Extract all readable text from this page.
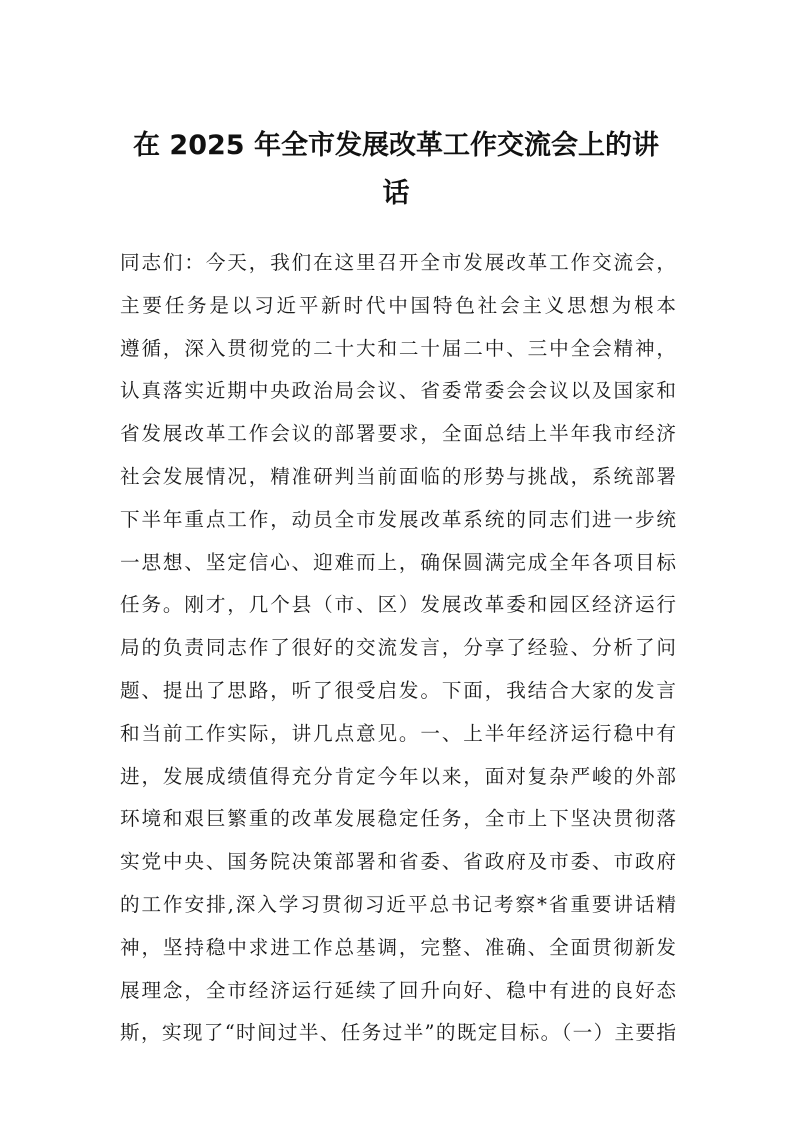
在 2025 年全市发展改革工作交流会上的讲
话
同志们：今天，我们在这里召开全市发展改革工作交流会，
主要任务是以习近平新时代中国特色社会主义思想为根本
遵循，深入贯彻党的二十大和二十届二中、三中全会精神，
认真落实近期中央政治局会议、省委常委会会议以及国家和
省发展改革工作会议的部署要求，全面总结上半年我市经济
社会发展情况，精准研判当前面临的形势与挑战，系统部署
下半年重点工作，动员全市发展改革系统的同志们进一步统
一思想、坚定信心、迎难而上，确保圆满完成全年各项目标
任务。刚才，几个县（市、区）发展改革委和园区经济运行
局的负责同志作了很好的交流发言，分享了经验、分析了问
题、提出了思路，听了很受启发。下面，我结合大家的发言
和当前工作实际，讲几点意见。一、上半年经济运行稳中有
进，发展成绩值得充分肯定今年以来，面对复杂严峻的外部
环境和艰巨繁重的改革发展稳定任务，全市上下坚决贯彻落
实党中央、国务院决策部署和省委、省政府及市委、市政府
的工作安排,深入学习贯彻习近平总书记考察*省重要讲话精
神，坚持稳中求进工作总基调，完整、准确、全面贯彻新发
展理念，全市经济运行延续了回升向好、稳中有进的良好态
斯，实现了“时间过半、任务过半”的既定目标。（一）主要指
